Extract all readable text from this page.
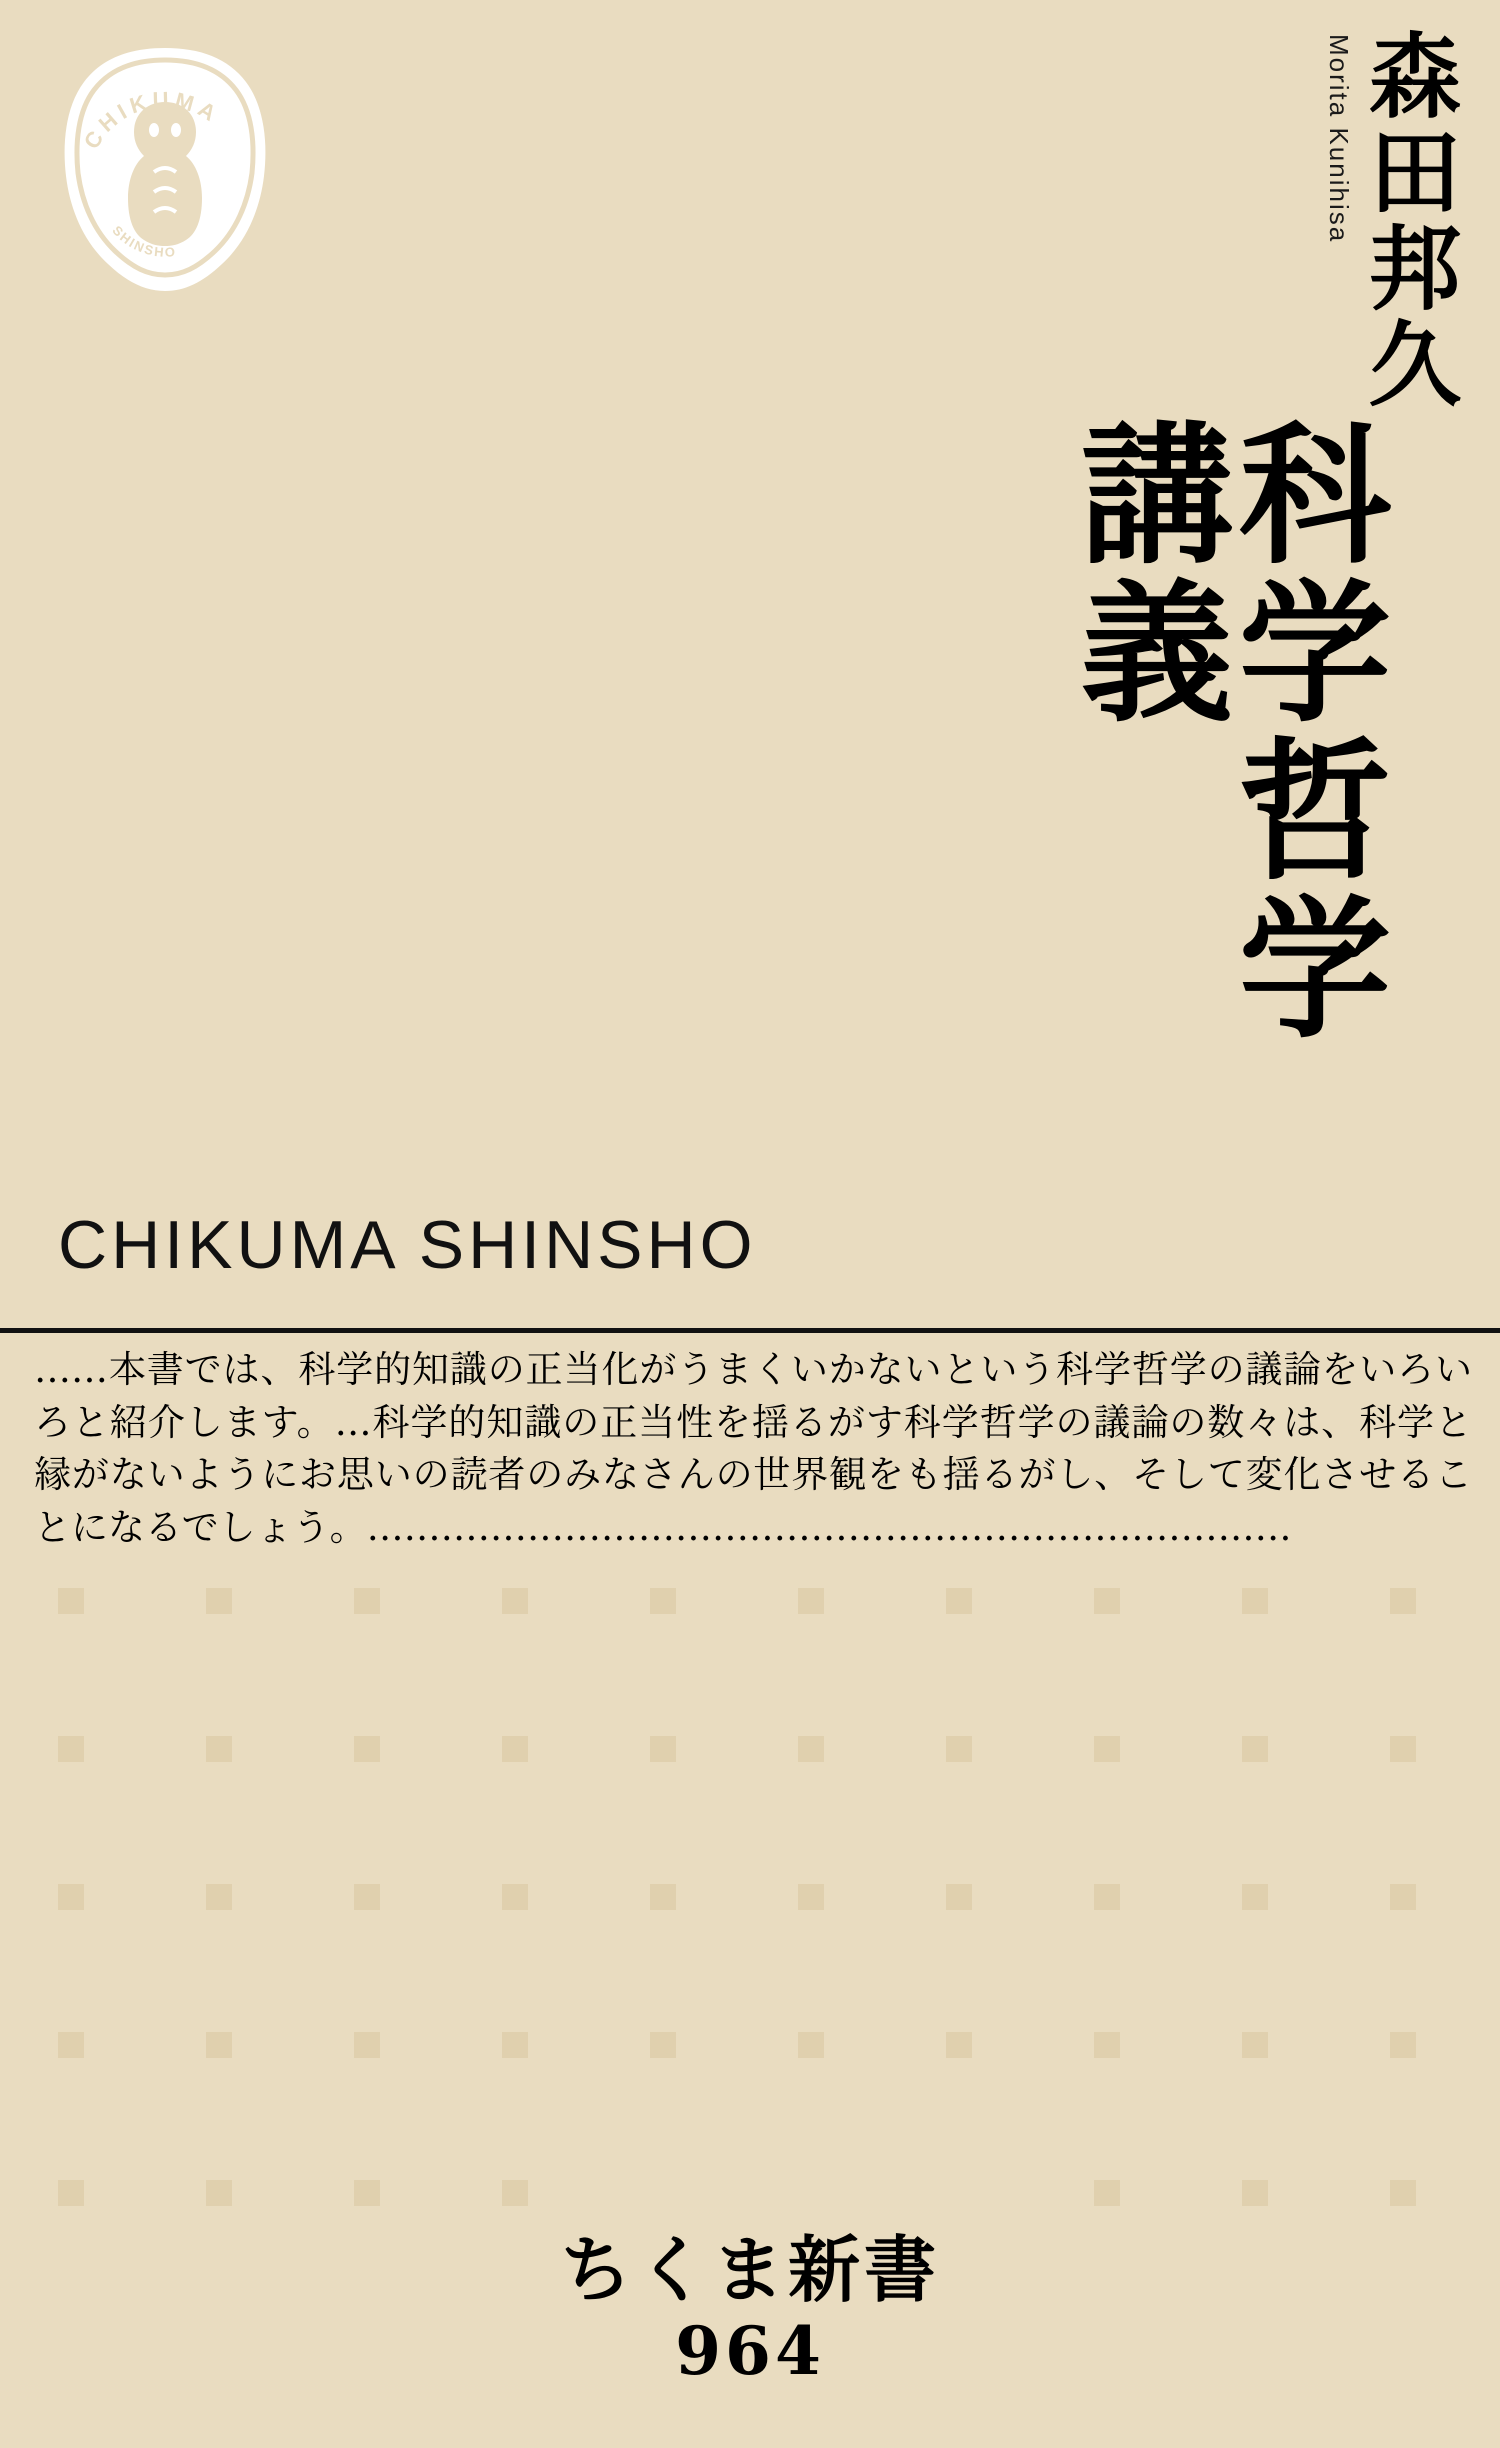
CHIKUMA
SHINSHO
Morita Kunihisa 森田邦久
科学哲学講義
CHIKUMA SHINSHO
……本書では、科学的知識の正当化がうまくいかないという科学哲学の議論をいろいろと紹介します。…科学的知識の正当性を揺るがす科学哲学の議論の数々は、科学と縁がないようにお思いの読者のみなさんの世界観をも揺るがし、そして変化させることになるでしょう。…………………………………………………………………
ちくま新書
964
